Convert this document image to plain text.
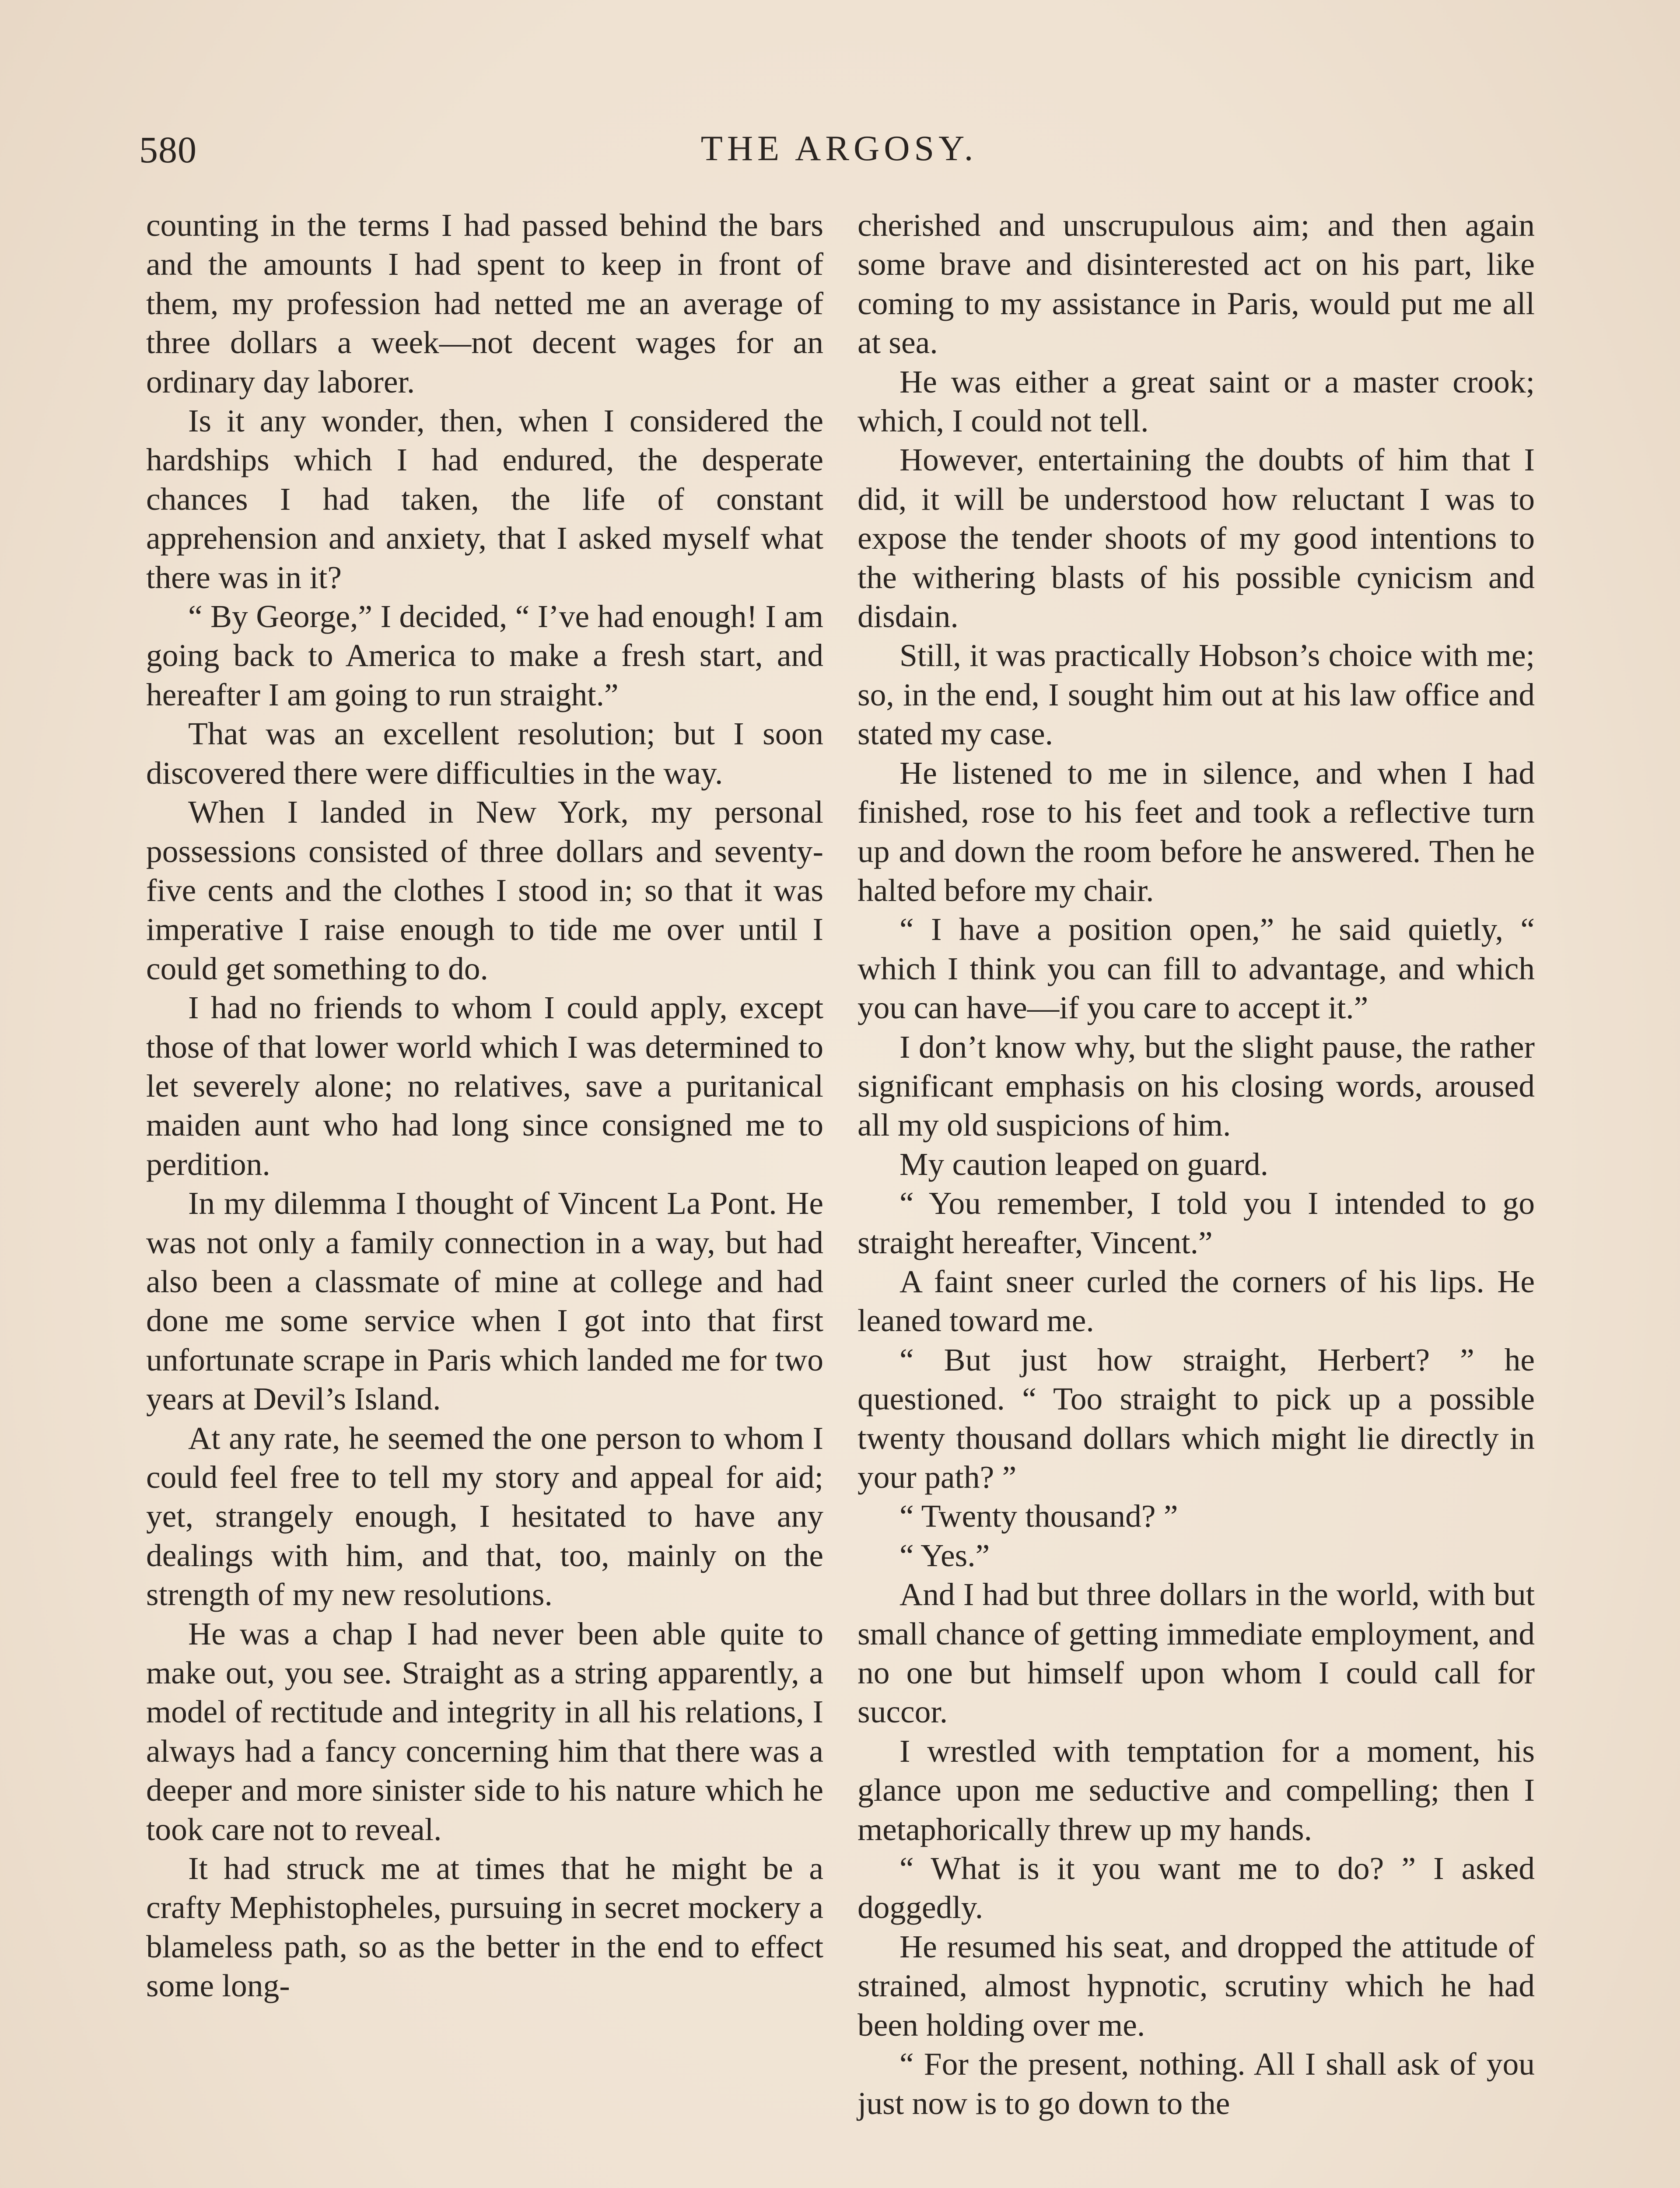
580	THE ARGOSY.

counting in the terms I had passed behind the bars and the amounts I had spent to keep in front of them, my profession had netted me an average of three dollars a week—not decent wages for an ordinary day laborer.

Is it any wonder, then, when I considered the hardships which I had endured, the desperate chances I had taken, the life of constant apprehension and anxiety, that I asked myself what there was in it?

“ By George,” I decided, “ I’ve had enough! I am going back to America to make a fresh start, and hereafter I am going to run straight.”

That was an excellent resolution; but I soon discovered there were difficulties in the way.

When I landed in New York, my personal possessions consisted of three dollars and seventy-five cents and the clothes I stood in; so that it was imperative I raise enough to tide me over until I could get something to do.

I had no friends to whom I could apply, except those of that lower world which I was determined to let severely alone; no relatives, save a puritanical maiden aunt who had long since consigned me to perdition.

In my dilemma I thought of Vincent La Pont. He was not only a family connection in a way, but had also been a classmate of mine at college and had done me some service when I got into that first unfortunate scrape in Paris which landed me for two years at Devil’s Island.

At any rate, he seemed the one person to whom I could feel free to tell my story and appeal for aid; yet, strangely enough, I hesitated to have any dealings with him, and that, too, mainly on the strength of my new resolutions.

He was a chap I had never been able quite to make out, you see. Straight as a string apparently, a model of rectitude and integrity in all his relations, I always had a fancy concerning him that there was a deeper and more sinister side to his nature which he took care not to reveal.

It had struck me at times that he might be a crafty Mephistopheles, pursuing in secret mockery a blameless path, so as the better in the end to effect some long-

cherished and unscrupulous aim; and then again some brave and disinterested act on his part, like coming to my assistance in Paris, would put me all at sea.

He was either a great saint or a master crook; which, I could not tell.

However, entertaining the doubts of him that I did, it will be understood how reluctant I was to expose the tender shoots of my good intentions to the withering blasts of his possible cynicism and disdain.

Still, it was practically Hobson’s choice with me; so, in the end, I sought him out at his law office and stated my case.

He listened to me in silence, and when I had finished, rose to his feet and took a reflective turn up and down the room before he answered. Then he halted before my chair.

“ I have a position open,” he said quietly, “ which I think you can fill to advantage, and which you can have—if you care to accept it.”

I don’t know why, but the slight pause, the rather significant emphasis on his closing words, aroused all my old suspicions of him.

My caution leaped on guard.

“ You remember, I told you I intended to go straight hereafter, Vincent.”

A faint sneer curled the corners of his lips. He leaned toward me.

“ But just how straight, Herbert? ” he questioned. “ Too straight to pick up a possible twenty thousand dollars which might lie directly in your path? ”

“ Twenty thousand? ”

“ Yes.”

And I had but three dollars in the world, with but small chance of getting immediate employment, and no one but himself upon whom I could call for succor.

I wrestled with temptation for a moment, his glance upon me seductive and compelling; then I metaphorically threw up my hands.

“ What is it you want me to do? ” I asked doggedly.

He resumed his seat, and dropped the attitude of strained, almost hypnotic, scrutiny which he had been holding over me.

“ For the present, nothing. All I shall ask of you just now is to go down to the
